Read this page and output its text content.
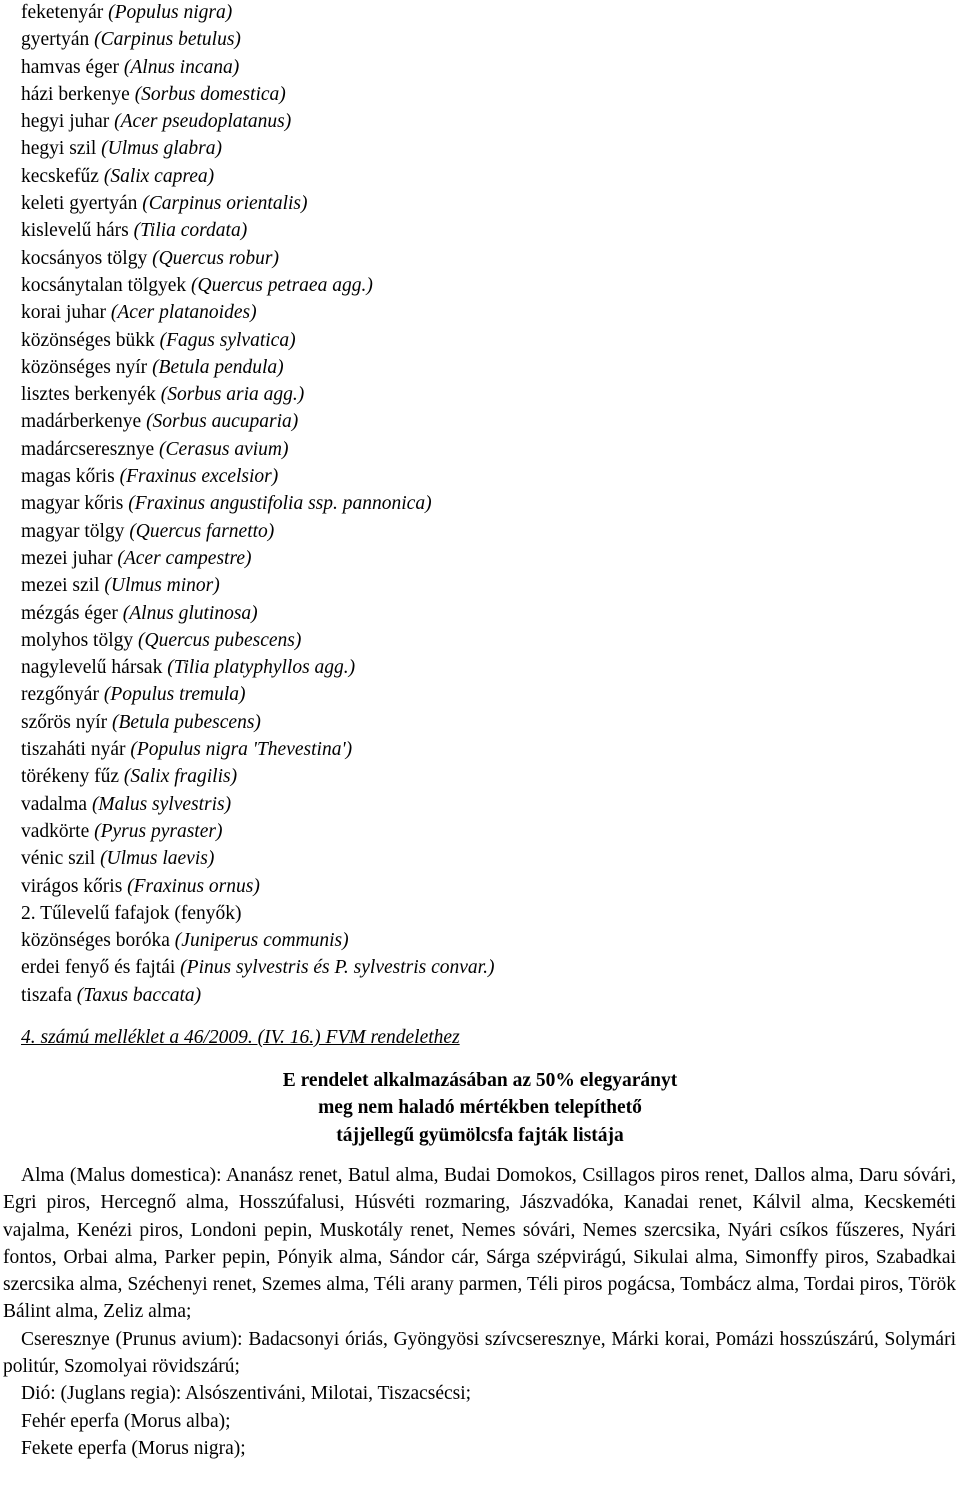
feketenyár (Populus nigra)
gyertyán (Carpinus betulus)
hamvas éger (Alnus incana)
házi berkenye (Sorbus domestica)
hegyi juhar (Acer pseudoplatanus)
hegyi szil (Ulmus glabra)
kecskefűz (Salix caprea)
keleti gyertyán (Carpinus orientalis)
kislevelű hárs (Tilia cordata)
kocsányos tölgy (Quercus robur)
kocsánytalan tölgyek (Quercus petraea agg.)
korai juhar (Acer platanoides)
közönséges bükk (Fagus sylvatica)
közönséges nyír (Betula pendula)
lisztes berkenyék (Sorbus aria agg.)
madárberkenye (Sorbus aucuparia)
madárcseresznye (Cerasus avium)
magas kőris (Fraxinus excelsior)
magyar kőris (Fraxinus angustifolia ssp. pannonica)
magyar tölgy (Quercus farnetto)
mezei juhar (Acer campestre)
mezei szil (Ulmus minor)
mézgás éger (Alnus glutinosa)
molyhos tölgy (Quercus pubescens)
nagylevelű hársak (Tilia platyphyllos agg.)
rezgőnyár (Populus tremula)
szőrös nyír (Betula pubescens)
tiszaháti nyár (Populus nigra 'Thevestina')
törékeny fűz (Salix fragilis)
vadalma (Malus sylvestris)
vadkörte (Pyrus pyraster)
vénic szil (Ulmus laevis)
virágos kőris (Fraxinus ornus)
2. Tűlevelű fafajok (fenyők)
közönséges boróka (Juniperus communis)
erdei fenyő és fajtái (Pinus sylvestris és P. sylvestris convar.)
tiszafa (Taxus baccata)
4. számú melléklet a 46/2009. (IV. 16.) FVM rendelethez
E rendelet alkalmazásában az 50% elegyarányt
meg nem haladó mértékben telepíthető
tájjellegű gyümölcsfa fajták listája

Alma (Malus domestica): Ananász renet, Batul alma, Budai Domokos, Csillagos piros renet, Dallos alma, Daru sóvári, Egri piros, Hercegnő alma, Hosszúfalusi, Húsvéti rozmaring, Jászvadóka, Kanadai renet, Kálvil alma, Kecskeméti vajalma, Kenézi piros, Londoni pepin, Muskotály renet, Nemes sóvári, Nemes szercsika, Nyári csíkos fűszeres, Nyári fontos, Orbai alma, Parker pepin, Pónyik alma, Sándor cár, Sárga szépvirágú, Sikulai alma, Simonffy piros, Szabadkai szercsika alma, Széchenyi renet, Szemes alma, Téli arany parmen, Téli piros pogácsa, Tombácz alma, Tordai piros, Török Bálint alma, Zeliz alma;

Cseresznye (Prunus avium): Badacsonyi óriás, Gyöngyösi szívcseresznye, Márki korai, Pomázi hosszúszárú, Solymári politúr, Szomolyai rövidszárú;

Dió: (Juglans regia): Alsószentiváni, Milotai, Tiszacsécsi;

Fehér eperfa (Morus alba);

Fekete eperfa (Morus nigra);
